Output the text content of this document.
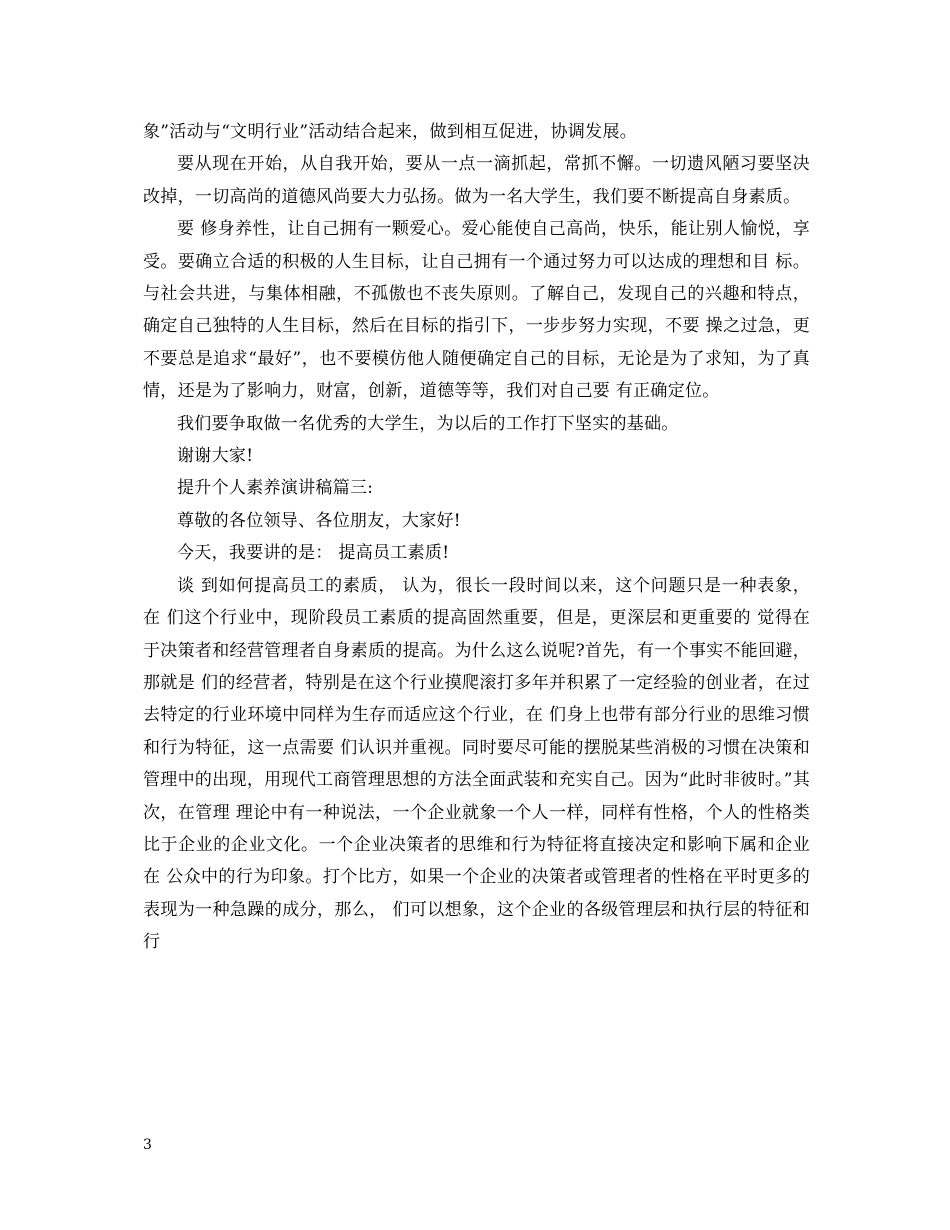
象”活动与“文明行业”活动结合起来，做到相互促进，协调发展。

要从现在开始，从自我开始，要从一点一滴抓起，常抓不懈。一切遗风陋习要坚决改掉，一切高尚的道德风尚要大力弘扬。做为一名大学生，我们要不断提高自身素质。

要 修身养性，让自己拥有一颗爱心。爱心能使自己高尚，快乐，能让别人愉悦，享受。要确立合适的积极的人生目标，让自己拥有一个通过努力可以达成的理想和目 标。与社会共进，与集体相融，不孤傲也不丧失原则。了解自己，发现自己的兴趣和特点，确定自己独特的人生目标，然后在目标的指引下，一步步努力实现，不要 操之过急，更不要总是追求“最好”，也不要模仿他人随便确定自己的目标，无论是为了求知，为了真情，还是为了影响力，财富，创新，道德等等，我们对自己要 有正确定位。

我们要争取做一名优秀的大学生，为以后的工作打下坚实的基础。

谢谢大家!

提升个人素养演讲稿篇三:

尊敬的各位领导、各位朋友，大家好!

今天，我要讲的是： 提高员工素质!

谈 到如何提高员工的素质， 认为，很长一段时间以来，这个问题只是一种表象，在 们这个行业中，现阶段员工素质的提高固然重要，但是，更深层和更重要的 觉得在于决策者和经营管理者自身素质的提高。为什么这么说呢?首先，有一个事实不能回避，那就是 们的经营者，特别是在这个行业摸爬滚打多年并积累了一定经验的创业者，在过去特定的行业环境中同样为生存而适应这个行业，在 们身上也带有部分行业的思维习惯和行为特征，这一点需要 们认识并重视。同时要尽可能的摆脱某些消极的习惯在决策和管理中的出现，用现代工商管理思想的方法全面武装和充实自己。因为“此时非彼时。”其次，在管理 理论中有一种说法，一个企业就象一个人一样，同样有性格，个人的性格类比于企业的企业文化。一个企业决策者的思维和行为特征将直接决定和影响下属和企业在 公众中的行为印象。打个比方，如果一个企业的决策者或管理者的性格在平时更多的表现为一种急躁的成分，那么， 们可以想象，这个企业的各级管理层和执行层的特征和行

3
